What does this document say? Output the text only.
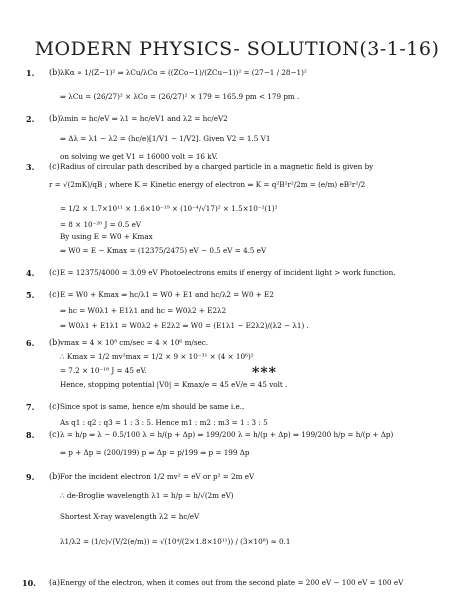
MODERN PHYSICS- SOLUTION(3-1-16)
1. (b) λKα ∝ 1/(Z−1)² ⇒ λCu/λCo = ((ZCo−1)/(ZCu−1))² = (27−1 / 28−1)²
⇒ λCu = (26/27)² × λCo = (26/27)² × 179 = 165.9 pm < 179 pm .
2. (b) λmin = hc/eV ⇒ λ1 = hc/eV1 and λ2 = hc/eV2
⇒ Δλ = λ1 − λ2 = (hc/e)[1/V1 − 1/V2]. Given V2 = 1.5 V1
on solving we get V1 = 16000 volt = 16 kV.
3. (c) Radius of circular path described by a charged particle in a magnetic field is given by
r = √(2mK)/qB ; where K = Kinetic energy of electron ⇒ K = q²B²r²/2m = (e/m) eB²r²/2
= 1/2 × 1.7×10¹¹ × 1.6×10⁻¹⁹ × (10⁻⁴/√17)² × 1.5×10⁻²(1)²
= 8 × 10⁻²⁰ J = 0.5 eV
By using E = W0 + Kmax
⇒ W0 = E − Kmax = (12375/2475) eV − 0.5 eV = 4.5 eV
4. (c) E = 12375/4000 = 3.09 eV Photoelectrons emits if energy of incident light > work function.
5. (c) E = W0 + Kmax ⇒ hc/λ1 = W0 + E1 and hc/λ2 = W0 + E2
⇒ hc = W0λ1 + E1λ1 and hc = W0λ2 + E2λ2
⇒ W0λ1 + E1λ1 = W0λ2 + E2λ2 ⇒ W0 = (E1λ1 − E2λ2)/(λ2 − λ1) .
6. (b) vmax = 4 × 10⁸ cm/sec = 4 × 10⁶ m/sec.
∴ Kmax = 1/2 mv²max = 1/2 × 9 × 10⁻³¹ × (4 × 10⁶)²
= 7.2 × 10⁻¹⁸ J = 45 eV.
Hence, stopping potential |V0| = Kmax/e = 45 eV/e = 45 volt .
***
7. (c) Since spot is same, hence e/m should be same i.e.,
As q1 : q2 : q3 = 1 : 3 : 5. Hence m1 : m2 : m3 = 1 : 3 : 5
8. (c) λ = h/p ⇒ λ − 0.5/100 λ = h/(p + Δp) ⇒ 199/200 λ = h/(p + Δp) ⇒ 199/200 h/p = h/(p + Δp)
⇒ p + Δp = (200/199) p ⇒ Δp = p/199 ⇒ p = 199 Δp
9. (b) For the incident electron 1/2 mv² = eV or p² = 2m eV
∴ de-Broglie wavelength λ1 = h/p = h/√(2m eV)
Shortest X-ray wavelength λ2 = hc/eV
λ1/λ2 = (1/c)√(V/2(e/m)) = √(10⁴/(2×1.8×10¹¹)) / (3×10⁸) ≈ 0.1
10. (a) Energy of the electron, when it comes out from the second plate = 200 eV − 100 eV = 100 eV
